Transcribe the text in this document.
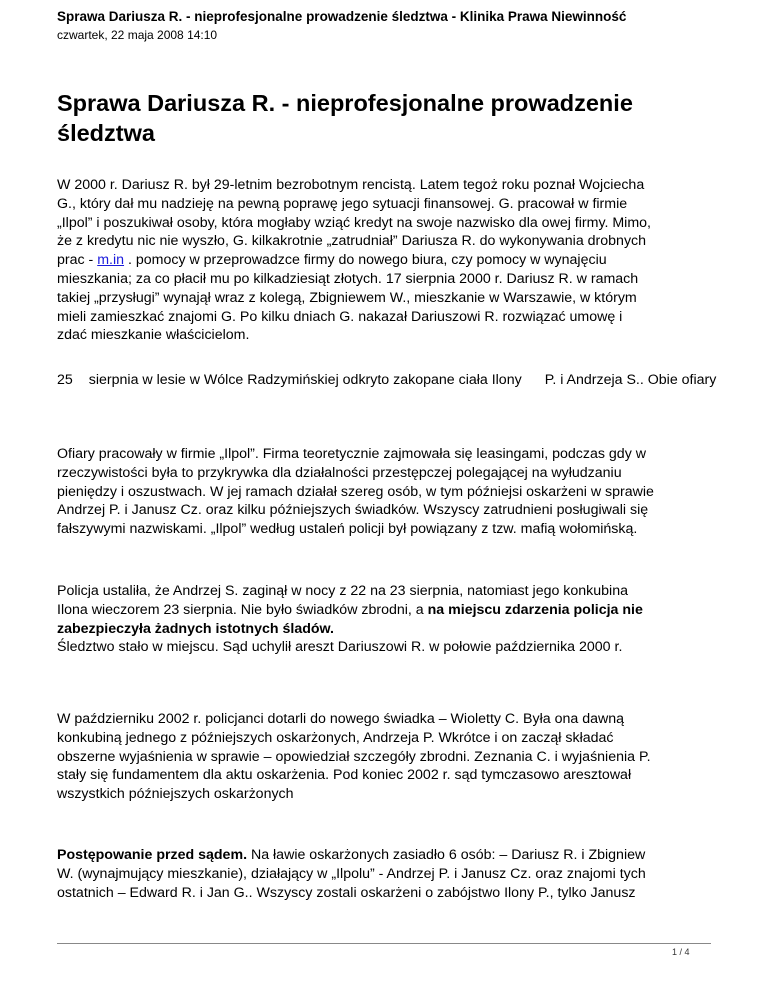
Sprawa Dariusza R. - nieprofesjonalne prowadzenie śledztwa - Klinika Prawa Niewinność
czwartek, 22 maja 2008 14:10
Sprawa Dariusza R. - nieprofesjonalne prowadzenie
śledztwa
W 2000 r. Dariusz R. był 29-letnim bezrobotnym rencistą. Latem tegoż roku poznał Wojciecha
G., który dał mu nadzieję na pewną poprawę jego sytuacji finansowej. G. pracował w firmie
„Ilpol” i poszukiwał osoby, która mogłaby wziąć kredyt na swoje nazwisko dla owej firmy. Mimo,
że z kredytu nic nie wyszło, G. kilkakrotnie „zatrudniał” Dariusza R. do wykonywania drobnych
prac - m.in . pomocy w przeprowadzce firmy do nowego biura, czy pomocy w wynajęciu
mieszkania; za co płacił mu po kilkadziesiąt złotych. 17 sierpnia 2000 r. Dariusz R. w ramach
takiej „przysługi” wynajął wraz z kolegą, Zbigniewem W., mieszkanie w Warszawie, w którym
mieli zamieszkać znajomi G. Po kilku dniach G. nakazał Dariuszowi R. rozwiązać umowę i
zdać mieszkanie właścicielom.
25 sierpnia w lesie w Wólce Radzymińskiej odkryto zakopane ciała Ilony P. i Andrzeja S.. Obie ofiary
Ofiary pracowały w firmie „Ilpol”. Firma teoretycznie zajmowała się leasingami, podczas gdy w
rzeczywistości była to przykrywka dla działalności przestępczej polegającej na wyłudzaniu
pieniędzy i oszustwach. W jej ramach działał szereg osób, w tym późniejsi oskarżeni w sprawie
Andrzej P. i Janusz Cz. oraz kilku późniejszych świadków. Wszyscy zatrudnieni posługiwali się
fałszywymi nazwiskami. „Ilpol” według ustaleń policji był powiązany z tzw. mafią wołomińską.
Policja ustaliła, że Andrzej S. zaginął w nocy z 22 na 23 sierpnia, natomiast jego konkubina
Ilona wieczorem 23 sierpnia. Nie było świadków zbrodni, a na miejscu zdarzenia policja nie
zabezpieczyła żadnych istotnych śladów.
Śledztwo stało w miejscu. Sąd uchylił areszt Dariuszowi R. w połowie października 2000 r.
W październiku 2002 r. policjanci dotarli do nowego świadka – Wioletty C. Była ona dawną
konkubiną jednego z późniejszych oskarżonych, Andrzeja P. Wkrótce i on zaczął składać
obszerne wyjaśnienia w sprawie – opowiedział szczegóły zbrodni. Zeznania C. i wyjaśnienia P.
stały się fundamentem dla aktu oskarżenia. Pod koniec 2002 r. sąd tymczasowo aresztował
wszystkich późniejszych oskarżonych
Postępowanie przed sądem. Na ławie oskarżonych zasiadło 6 osób: – Dariusz R. i Zbigniew
W. (wynajmujący mieszkanie), działający w „Ilpolu” - Andrzej P. i Janusz Cz. oraz znajomi tych
ostatnich – Edward R. i Jan G.. Wszyscy zostali oskarżeni o zabójstwo Ilony P., tylko Janusz
1 / 4
